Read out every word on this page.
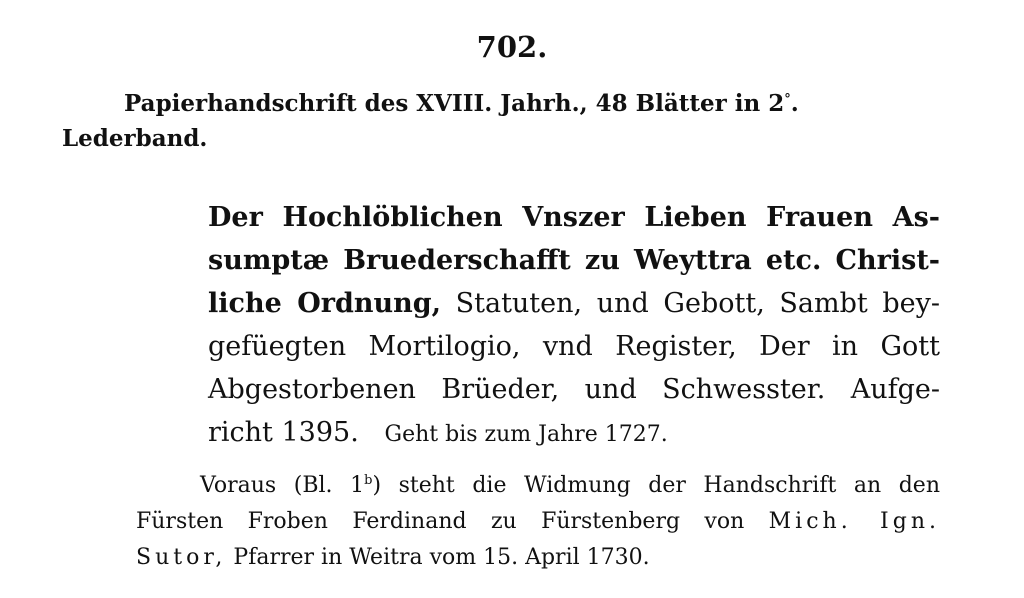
702.
Papierhandschrift des XVIII. Jahrh., 48 Blätter in 2°.
Lederband.
Der Hochlöblichen Vnszer Lieben Frauen As-
sumptæ Bruederschafft zu Weyttra etc. Christ-
liche Ordnung, Statuten, und Gebott, Sambt bey-
gefüegten Mortilogio, vnd Register, Der in Gott
Abgestorbenen Brüeder, und Schwesster. Aufge-
richt 1395. Geht bis zum Jahre 1727.
Voraus (Bl. 1$^b$) steht die Widmung der Handschrift an den
Fürsten Froben Ferdinand zu Fürstenberg von Mich. Ign.
Sutor, Pfarrer in Weitra vom 15. April 1730.
